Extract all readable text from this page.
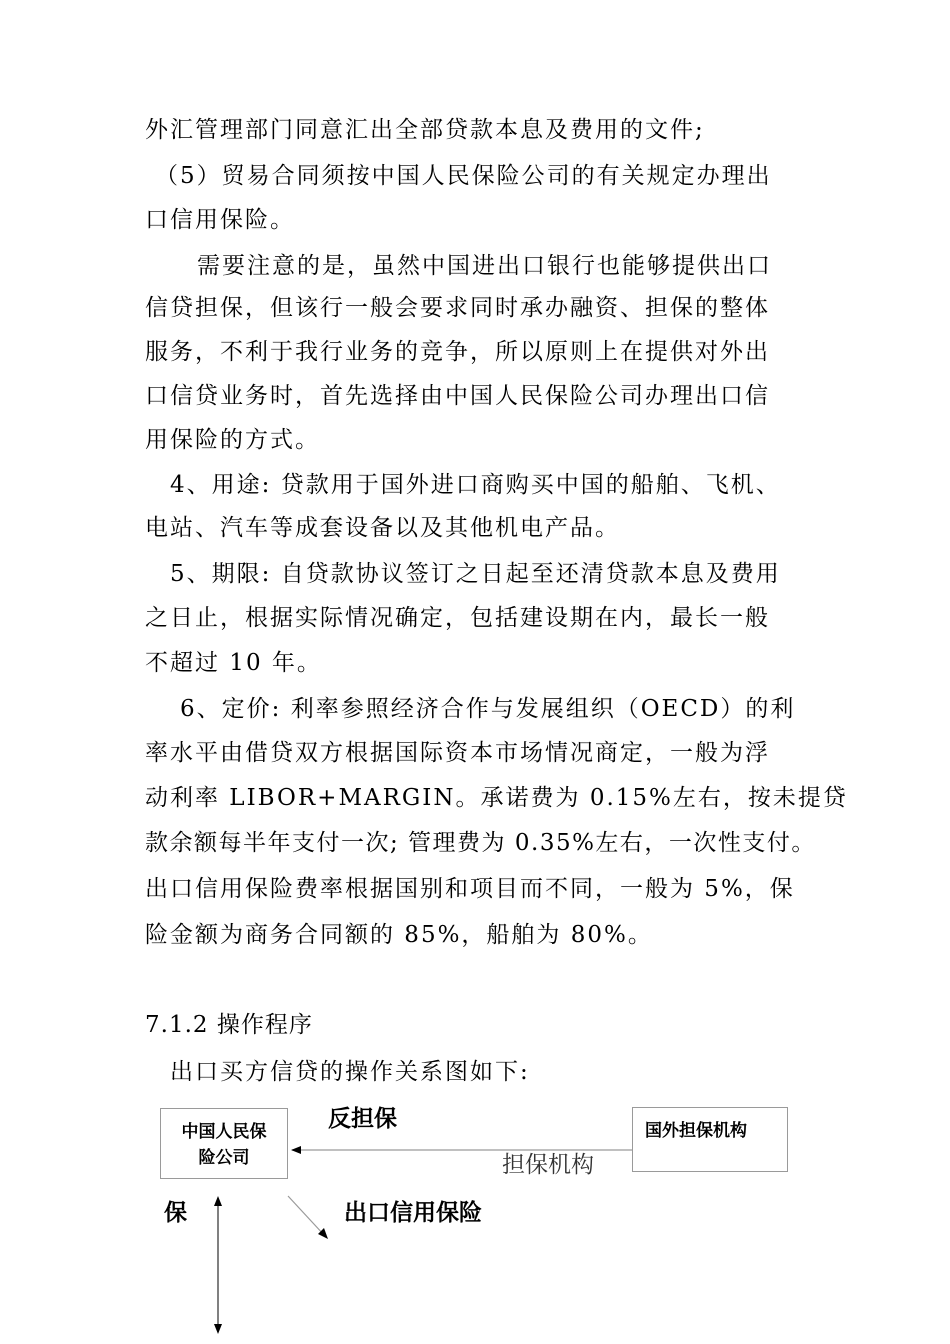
外汇管理部门同意汇出全部贷款本息及费用的文件;
（5）贸易合同须按中国人民保险公司的有关规定办理出
口信用保险。
需要注意的是，虽然中国进出口银行也能够提供出口
信贷担保，但该行一般会要求同时承办融资、担保的整体
服务，不利于我行业务的竞争，所以原则上在提供对外出
口信贷业务时，首先选择由中国人民保险公司办理出口信
用保险的方式。
4、用途: 贷款用于国外进口商购买中国的船舶、飞机、
电站、汽车等成套设备以及其他机电产品。
5、期限: 自贷款协议签订之日起至还清贷款本息及费用
之日止，根据实际情况确定，包括建设期在内，最长一般
不超过 10 年。
6、定价: 利率参照经济合作与发展组织（OECD）的利
率水平由借贷双方根据国际资本市场情况商定，一般为浮
动利率 LIBOR+MARGIN。承诺费为 0.15%左右，按未提贷
款余额每半年支付一次; 管理费为 0.35%左右，一次性支付。
出口信用保险费率根据国别和项目而不同，一般为 5%，保
险金额为商务合同额的 85%，船舶为 80%。
7.1.2 操作程序
出口买方信贷的操作关系图如下:
中国人民保
险公司
国外担保机构
反担保
担保机构
保	出口信用保险
